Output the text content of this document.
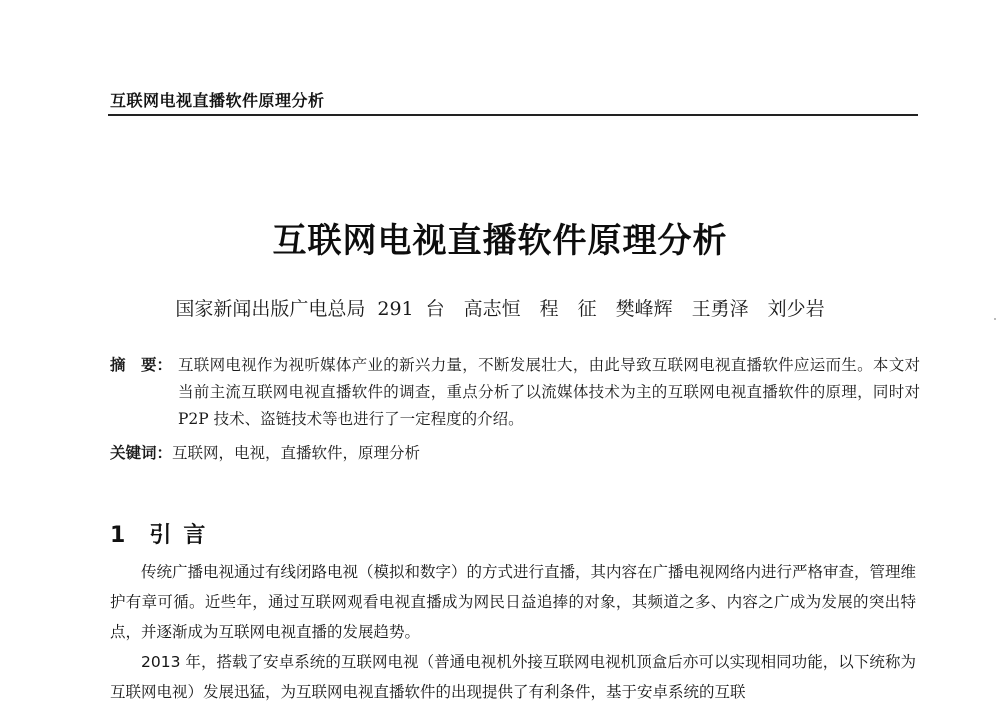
互联网电视直播软件原理分析
互联网电视直播软件原理分析
国家新闻出版广电总局 291 台　高志恒　程　征　樊峰辉　王勇泽　刘少岩
摘　要： 互联网电视作为视听媒体产业的新兴力量，不断发展壮大，由此导致互联网电视直播软件应运而生。本文对当前主流互联网电视直播软件的调查，重点分析了以流媒体技术为主的互联网电视直播软件的原理，同时对 P2P 技术、盗链技术等也进行了一定程度的介绍。
关键词： 互联网，电视，直播软件，原理分析
1 引言

传统广播电视通过有线闭路电视（模拟和数字）的方式进行直播，其内容在广播电视网络内进行严格审查，管理维护有章可循。近些年，通过互联网观看电视直播成为网民日益追捧的对象，其频道之多、内容之广成为发展的突出特点，并逐渐成为互联网电视直播的发展趋势。

2013 年，搭载了安卓系统的互联网电视（普通电视机外接互联网电视机顶盒后亦可以实现相同功能，以下统称为互联网电视）发展迅猛，为互联网电视直播软件的出现提供了有利条件，基于安卓系统的互联
